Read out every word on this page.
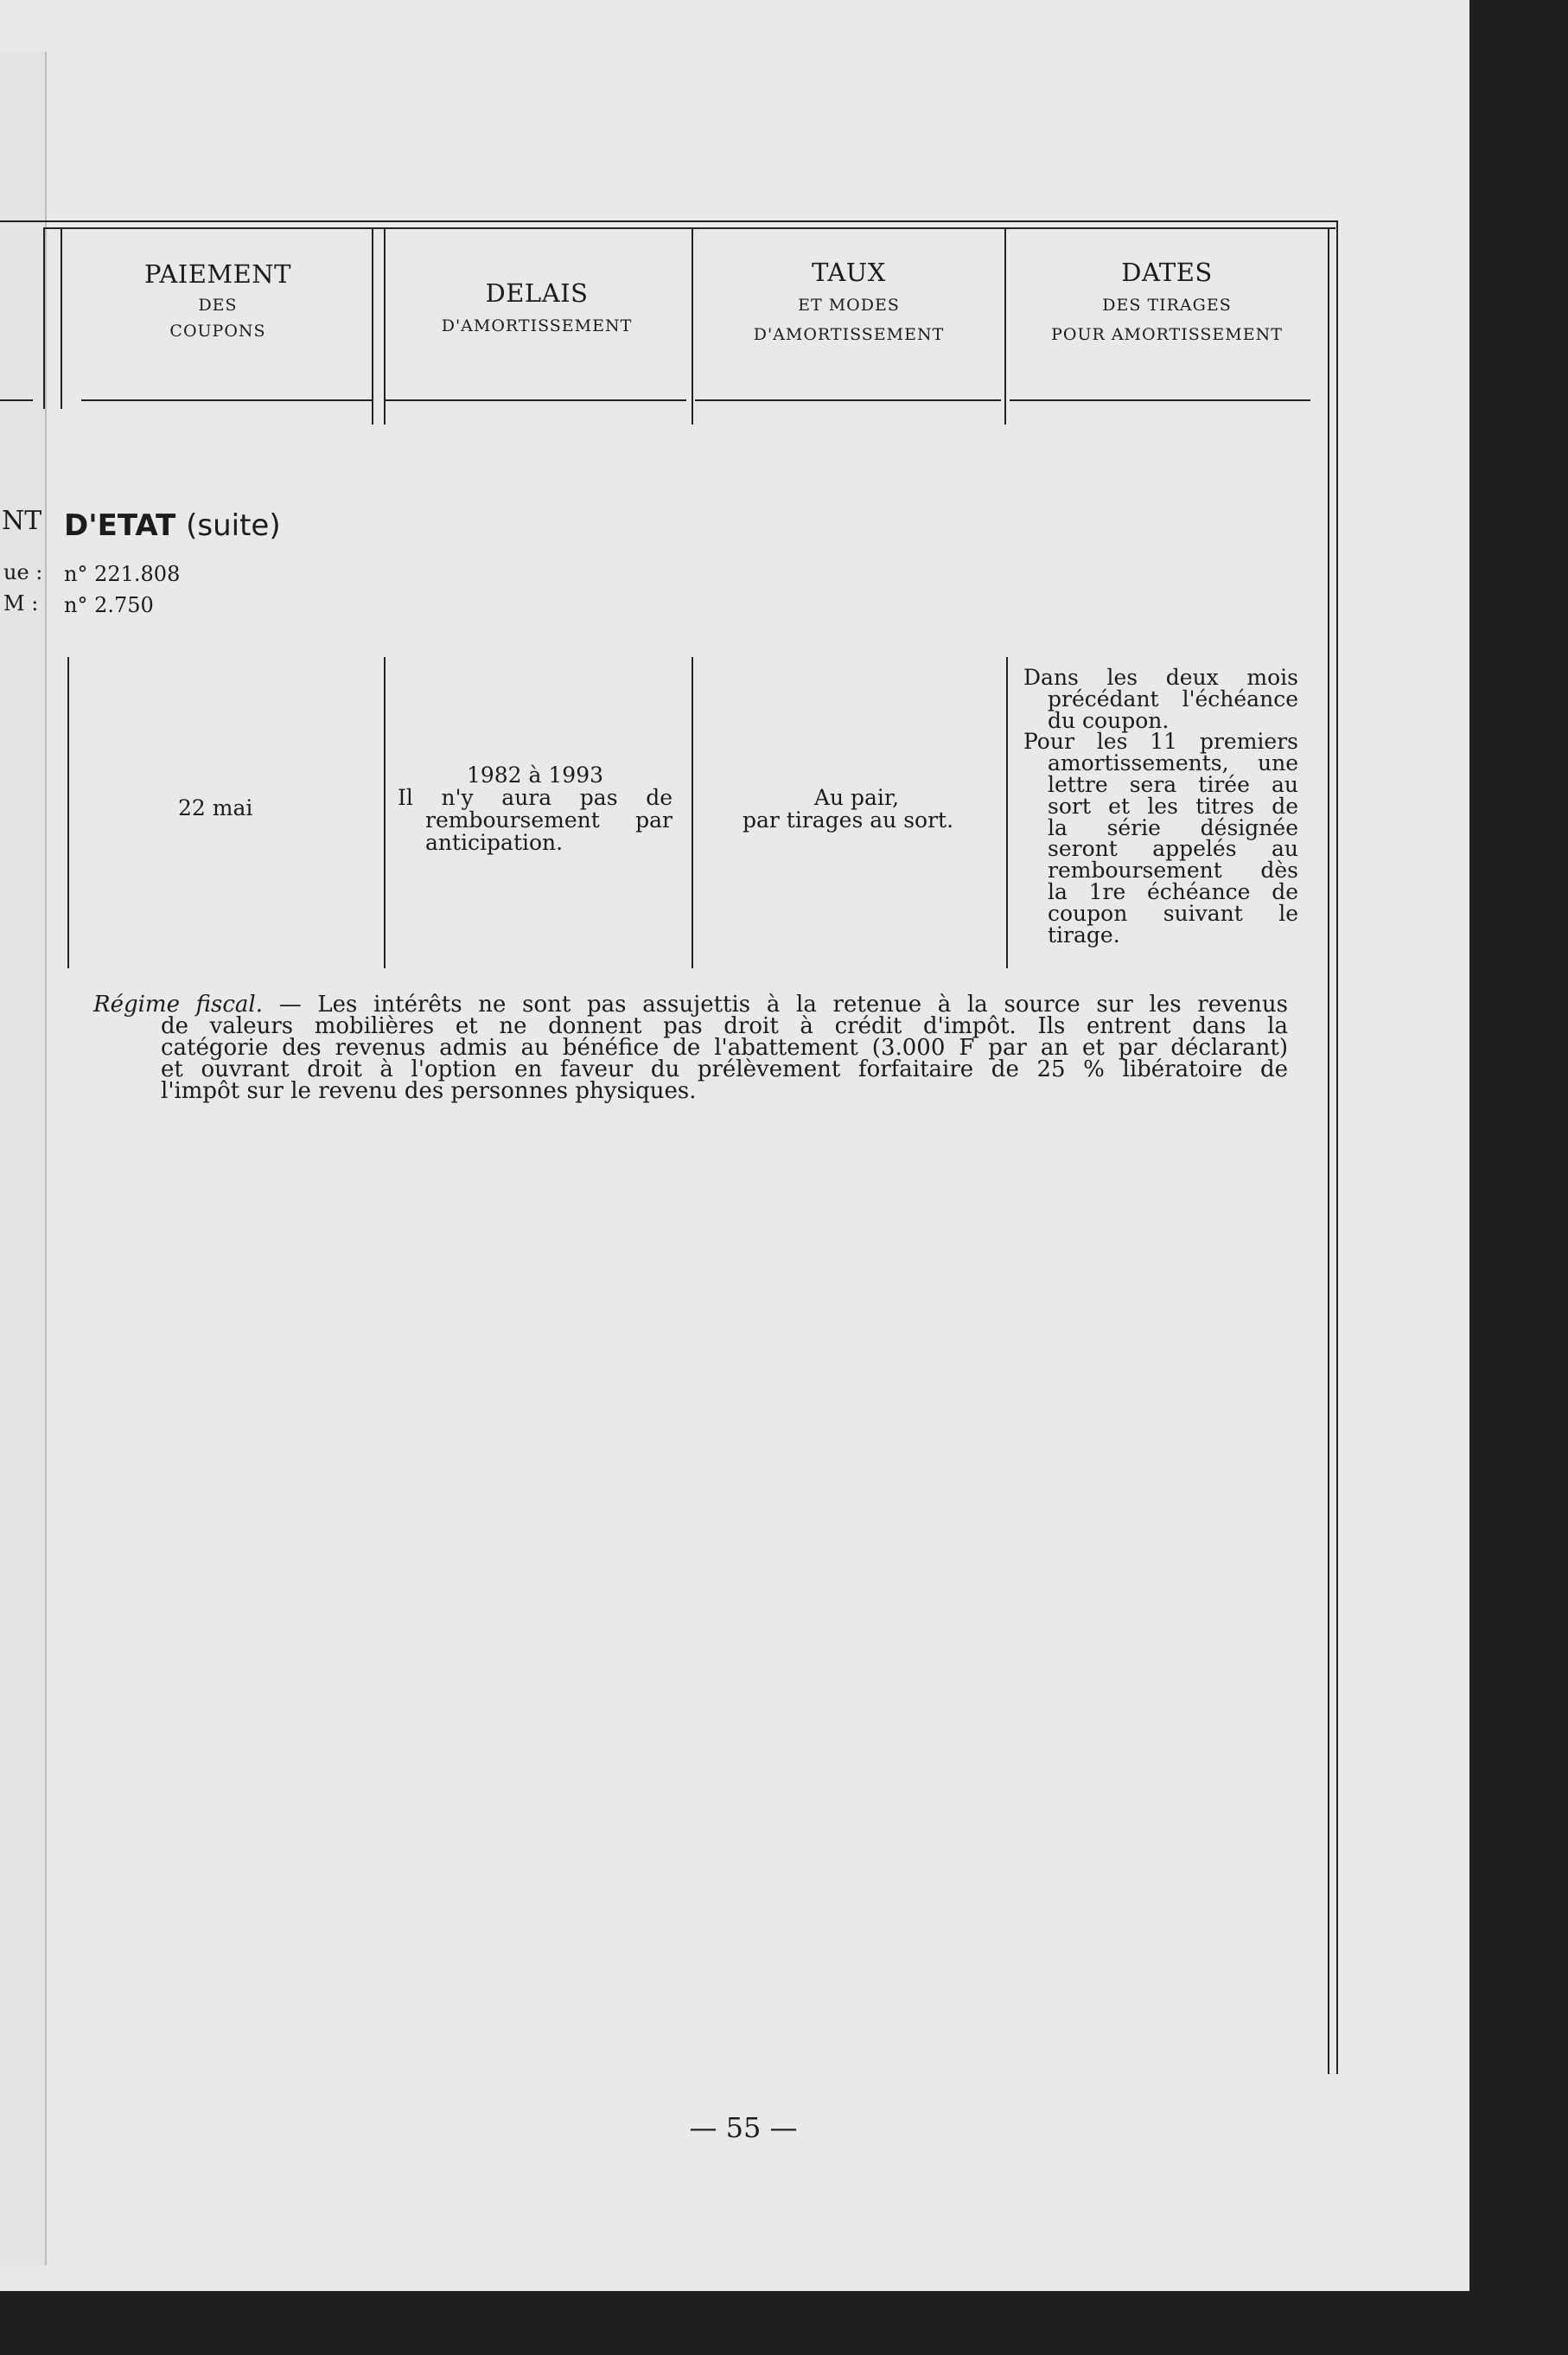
NT
ue :
M :
PAIEMENT
DES
COUPONS
DELAIS
D'AMORTISSEMENT
TAUX
ET MODES
D'AMORTISSEMENT
DATES
DES TIRAGES
POUR AMORTISSEMENT
D'ETAT (suite)
n° 221.808
n° 2.750
22 mai
1982 à 1993
Il n'y aura pas de
remboursement par
anticipation.
Au pair,
par tirages au sort.
Dans les deux mois
précédant l'échéance
du coupon.
Pour les 11 premiers
amortissements, une
lettre sera tirée au
sort et les titres de
la série désignée
seront appelés au
remboursement dès
la 1re échéance de
coupon suivant le
tirage.
Régime fiscal. — Les intérêts ne sont pas assujettis à la retenue à la source sur les revenus
de valeurs mobilières et ne donnent pas droit à crédit d'impôt. Ils entrent dans la
catégorie des revenus admis au bénéfice de l'abattement (3.000 F par an et par déclarant)
et ouvrant droit à l'option en faveur du prélèvement forfaitaire de 25 % libératoire de
l'impôt sur le revenu des personnes physiques.
— 55 —
